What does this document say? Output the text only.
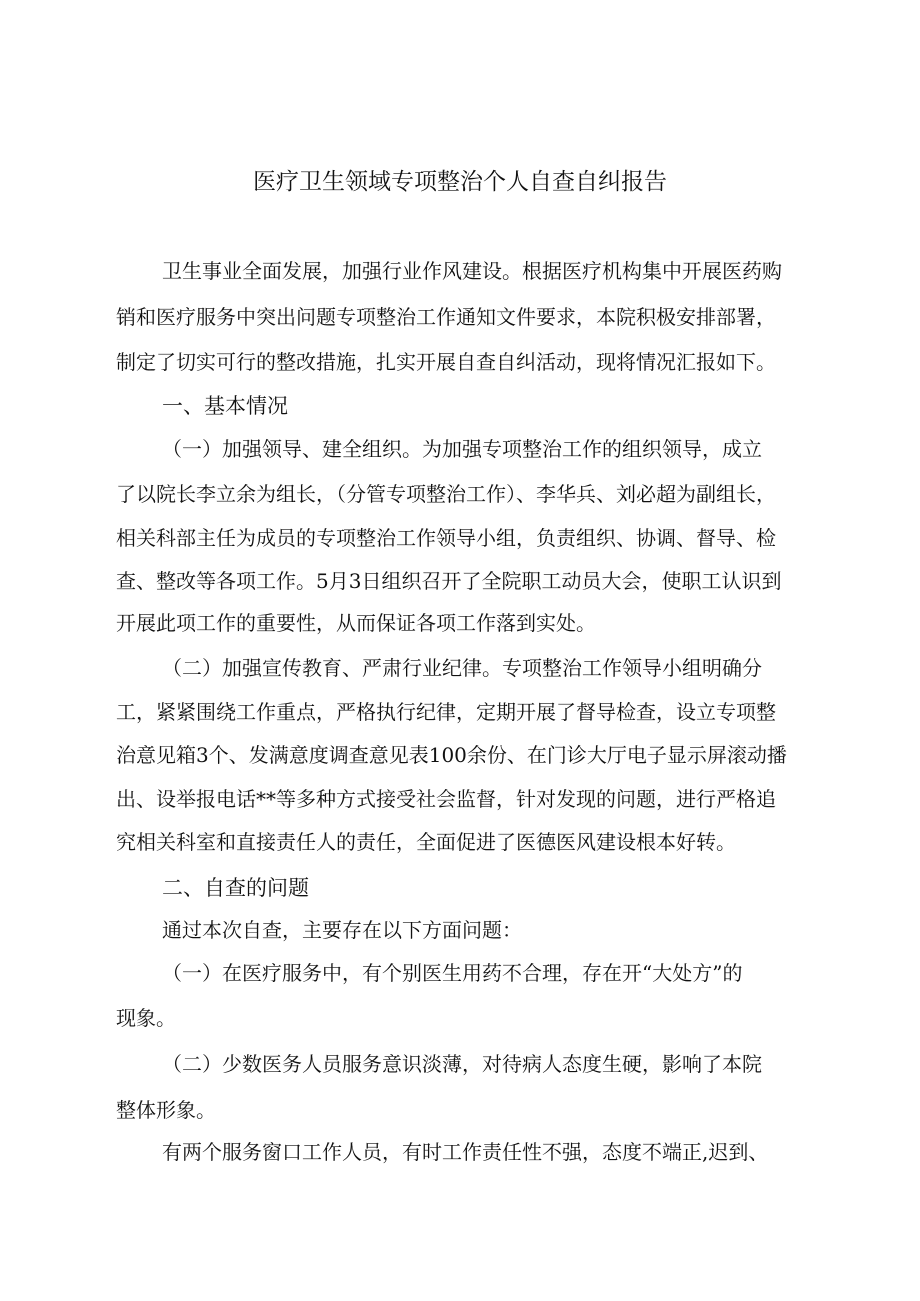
医疗卫生领域专项整治个人自查自纠报告
卫生事业全面发展，加强行业作风建设。根据医疗机构集中开展医药购
销和医疗服务中突出问题专项整治工作通知文件要求，本院积极安排部署，
制定了切实可行的整改措施，扎实开展自查自纠活动，现将情况汇报如下。
一、基本情况
（一）加强领导、建全组织。为加强专项整治工作的组织领导，成立
了以院长李立余为组长，（分管专项整治工作）、李华兵、刘必超为副组长，
相关科部主任为成员的专项整治工作领导小组，负责组织、协调、督导、检
查、整改等各项工作。5月3日组织召开了全院职工动员大会，使职工认识到
开展此项工作的重要性，从而保证各项工作落到实处。
（二）加强宣传教育、严肃行业纪律。专项整治工作领导小组明确分
工，紧紧围绕工作重点，严格执行纪律，定期开展了督导检查，设立专项整
治意见箱3个、发满意度调查意见表100余份、在门诊大厅电子显示屏滚动播
出、设举报电话**等多种方式接受社会监督，针对发现的问题，进行严格追
究相关科室和直接责任人的责任，全面促进了医德医风建设根本好转。
二、自查的问题
通过本次自查，主要存在以下方面问题：
（一）在医疗服务中，有个别医生用药不合理，存在开“大处方”的
现象。
（二）少数医务人员服务意识淡薄，对待病人态度生硬，影响了本院
整体形象。
有两个服务窗口工作人员，有时工作责任性不强，态度不端正,迟到、
